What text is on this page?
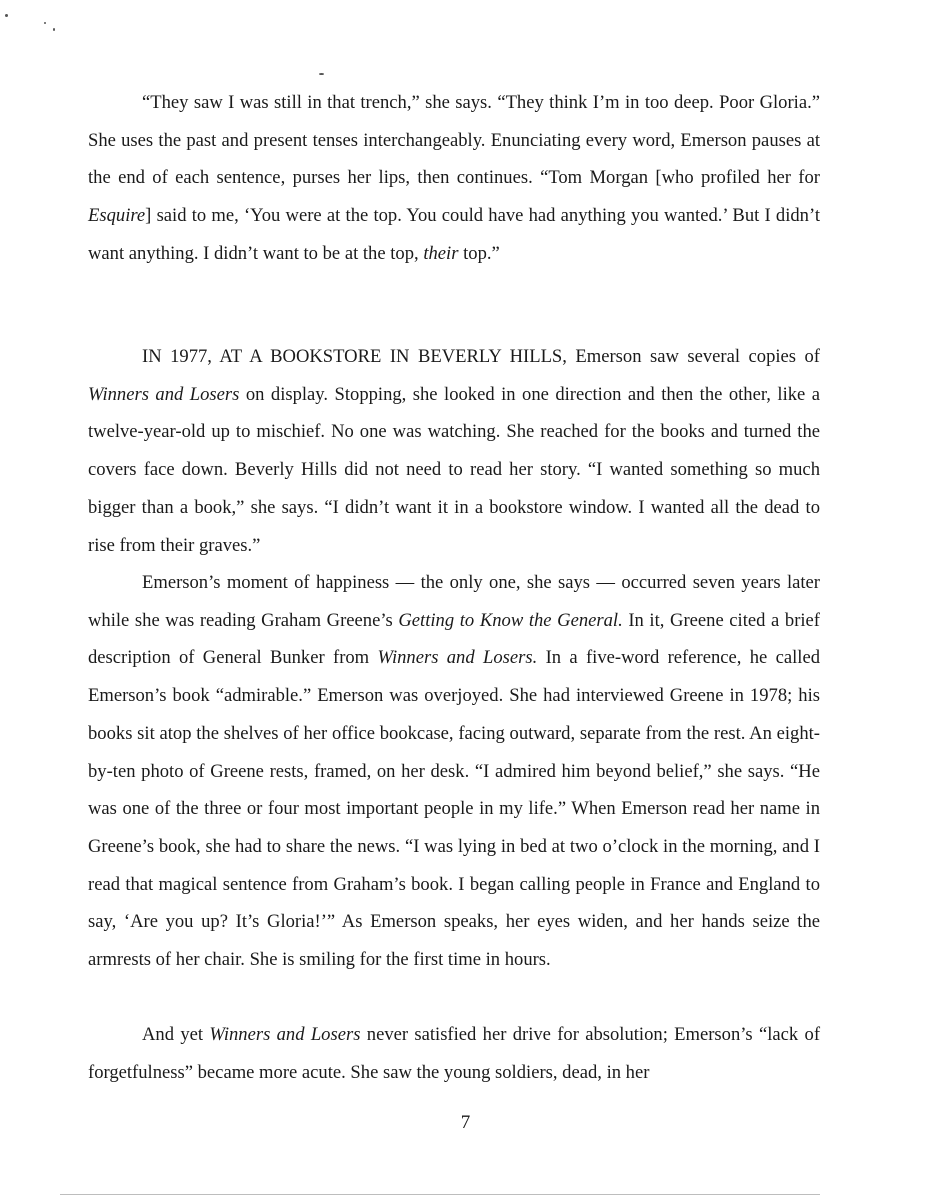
“They saw I was still in that trench,” she says. “They think I’m in too deep. Poor Gloria.” She uses the past and present tenses interchangeably. Enunciating every word, Emerson pauses at the end of each sentence, purses her lips, then continues. “Tom Morgan [who profiled her for Esquire] said to me, ‘You were at the top. You could have had anything you wanted.’ But I didn’t want anything. I didn’t want to be at the top, their top.”

IN 1977, AT A BOOKSTORE IN BEVERLY HILLS, Emerson saw several copies of Winners and Losers on display. Stopping, she looked in one direction and then the other, like a twelve-year-old up to mischief. No one was watching. She reached for the books and turned the covers face down. Beverly Hills did not need to read her story. “I wanted something so much bigger than a book,” she says. “I didn’t want it in a bookstore window. I wanted all the dead to rise from their graves.”

Emerson’s moment of happiness — the only one, she says — occurred seven years later while she was reading Graham Greene’s Getting to Know the General. In it, Greene cited a brief description of General Bunker from Winners and Losers. In a five-word reference, he called Emerson’s book “admirable.” Emerson was overjoyed. She had interviewed Greene in 1978; his books sit atop the shelves of her office bookcase, facing outward, separate from the rest. An eight-by-ten photo of Greene rests, framed, on her desk. “I admired him beyond belief,” she says. “He was one of the three or four most important people in my life.” When Emerson read her name in Greene’s book, she had to share the news. “I was lying in bed at two o’clock in the morning, and I read that magical sentence from Graham’s book. I began calling people in France and England to say, ‘Are you up? It’s Gloria!’” As Emerson speaks, her eyes widen, and her hands seize the armrests of her chair. She is smiling for the first time in hours.

And yet Winners and Losers never satisfied her drive for absolution; Emerson’s “lack of forgetfulness” became more acute. She saw the young soldiers, dead, in her

7
